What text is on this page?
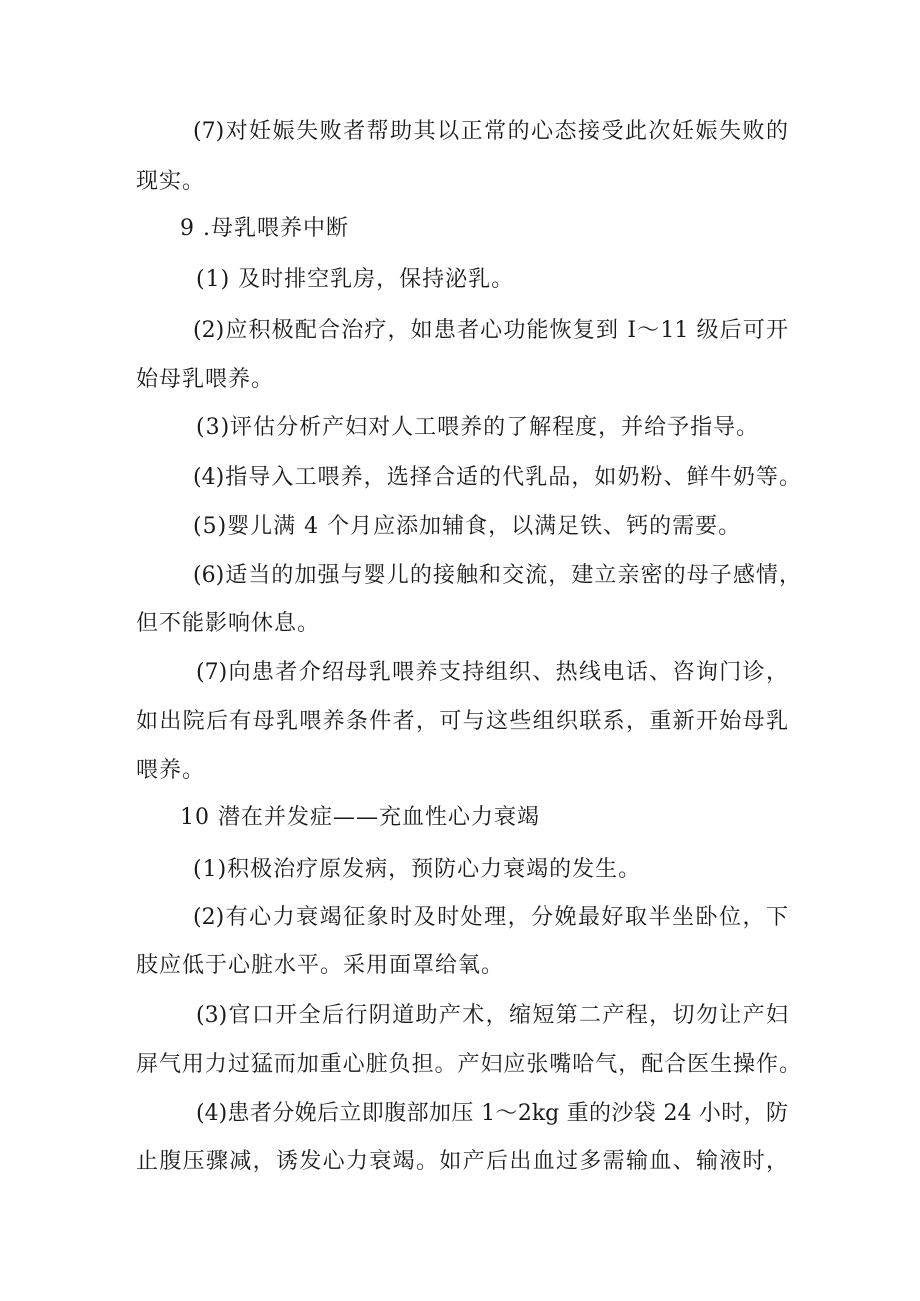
(7)对妊娠失败者帮助其以正常的心态接受此次妊娠失败的
现实。
9 .母乳喂养中断
(1) 及时排空乳房，保持泌乳。
(2)应积极配合治疗，如患者心功能恢复到 I～11 级后可开
始母乳喂养。
(3)评估分析产妇对人工喂养的了解程度，并给予指导。
(4)指导入工喂养，选择合适的代乳品，如奶粉、鲜牛奶等。
(5)婴儿满 4 个月应添加辅食，以满足铁、钙的需要。
(6)适当的加强与婴儿的接触和交流，建立亲密的母子感情，
但不能影响休息。
(7)向患者介绍母乳喂养支持组织、热线电话、咨询门诊，
如出院后有母乳喂养条件者，可与这些组织联系，重新开始母乳
喂养。
10 潜在并发症——充血性心力衰竭
(1)积极治疗原发病，预防心力衰竭的发生。
(2)有心力衰竭征象时及时处理，分娩最好取半坐卧位，下
肢应低于心脏水平。采用面罩给氧。
(3)官口开全后行阴道助产术，缩短第二产程，切勿让产妇
屏气用力过猛而加重心脏负担。产妇应张嘴哈气，配合医生操作。
(4)患者分娩后立即腹部加压 1～2kg 重的沙袋 24 小时，防
止腹压骤减，诱发心力衰竭。如产后出血过多需输血、输液时，
